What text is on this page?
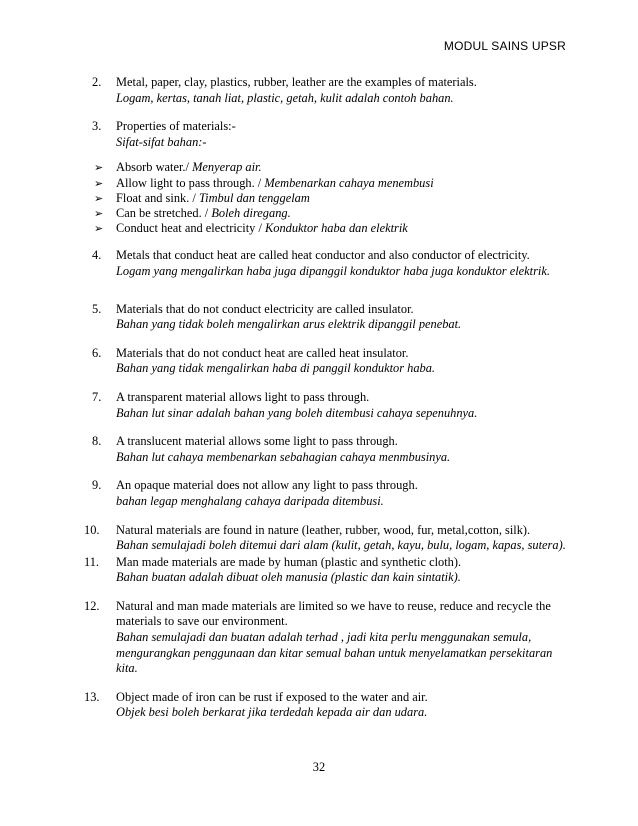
MODUL SAINS UPSR
2.	Metal, paper, clay, plastics, rubber, leather are the examples of materials.
Logam, kertas, tanah liat, plastic, getah, kulit adalah contoh bahan.
3.	Properties of materials:-
Sifat-sifat bahan:-
➢ Absorb water./ Menyerap air.
➢ Allow light to pass through. / Membenarkan cahaya menembusi
➢ Float and sink. / Timbul dan tenggelam
➢ Can be stretched. / Boleh diregang.
➢ Conduct heat and electricity / Konduktor haba dan elektrik
4.	Metals that conduct heat are called heat conductor and also conductor of electricity.
Logam yang mengalirkan haba juga dipanggil konduktor haba juga konduktor elektrik.
5.	Materials that do not conduct electricity are called insulator.
Bahan yang tidak boleh mengalirkan arus elektrik dipanggil penebat.
6.	Materials that do not conduct heat are called heat insulator.
Bahan yang tidak mengalirkan haba di panggil konduktor haba.
7.	A transparent material allows light to pass through.
Bahan lut sinar adalah bahan yang boleh ditembusi cahaya sepenuhnya.
8.	A translucent material allows some light to pass through.
Bahan lut cahaya membenarkan sebahagian cahaya menmbusinya.
9.	An opaque material does not allow any light to pass through.
bahan legap menghalang cahaya daripada ditembusi.
10.	Natural materials are found in nature (leather, rubber, wood, fur, metal,cotton, silk).
Bahan semulajadi boleh ditemui dari alam (kulit, getah, kayu, bulu, logam, kapas, sutera).
11.	Man made materials are made by human (plastic and synthetic cloth).
Bahan buatan adalah dibuat oleh manusia (plastic dan kain sintatik).
12.	Natural and man made materials are limited so we have to reuse, reduce and recycle the materials to save our environment.
Bahan semulajadi dan buatan adalah terhad , jadi kita perlu menggunakan semula, mengurangkan penggunaan dan kitar semual bahan untuk menyelamatkan persekitaran kita.
13.	Object made of iron can be rust if exposed to the water and air.
Objek besi boleh berkarat jika terdedah kepada air dan udara.
32
